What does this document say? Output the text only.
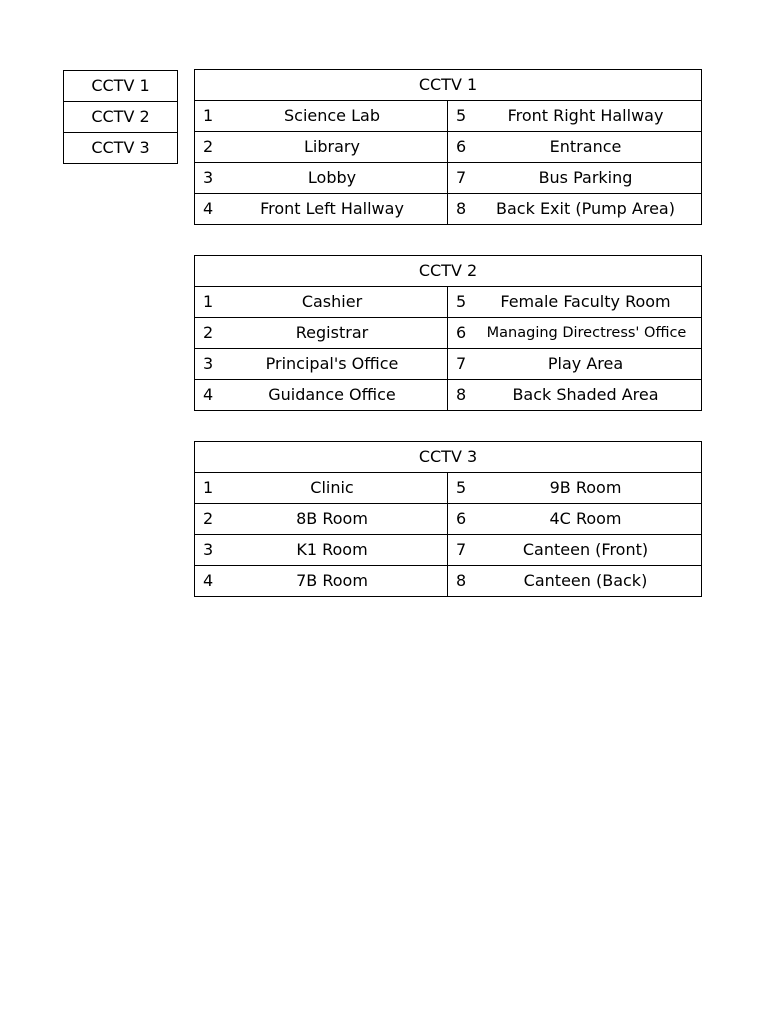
CCTV 1
CCTV 2
CCTV 3
CCTV 1	

1 Science Lab	5 Front Right Hallway

2 Library	6 Entrance

3 Lobby	7 Bus Parking

4 Front Left Hallway	8 Back Exit (Pump Area)
CCTV 2	

1 Cashier	5 Female Faculty Room

2 Registrar	6 Managing Directress' Office

3 Principal's Office	7 Play Area

4 Guidance Office	8 Back Shaded Area
CCTV 3	

1 Clinic	5 9B Room

2 8B Room	6 4C Room

3 K1 Room	7 Canteen (Front)

4 7B Room	8 Canteen (Back)
